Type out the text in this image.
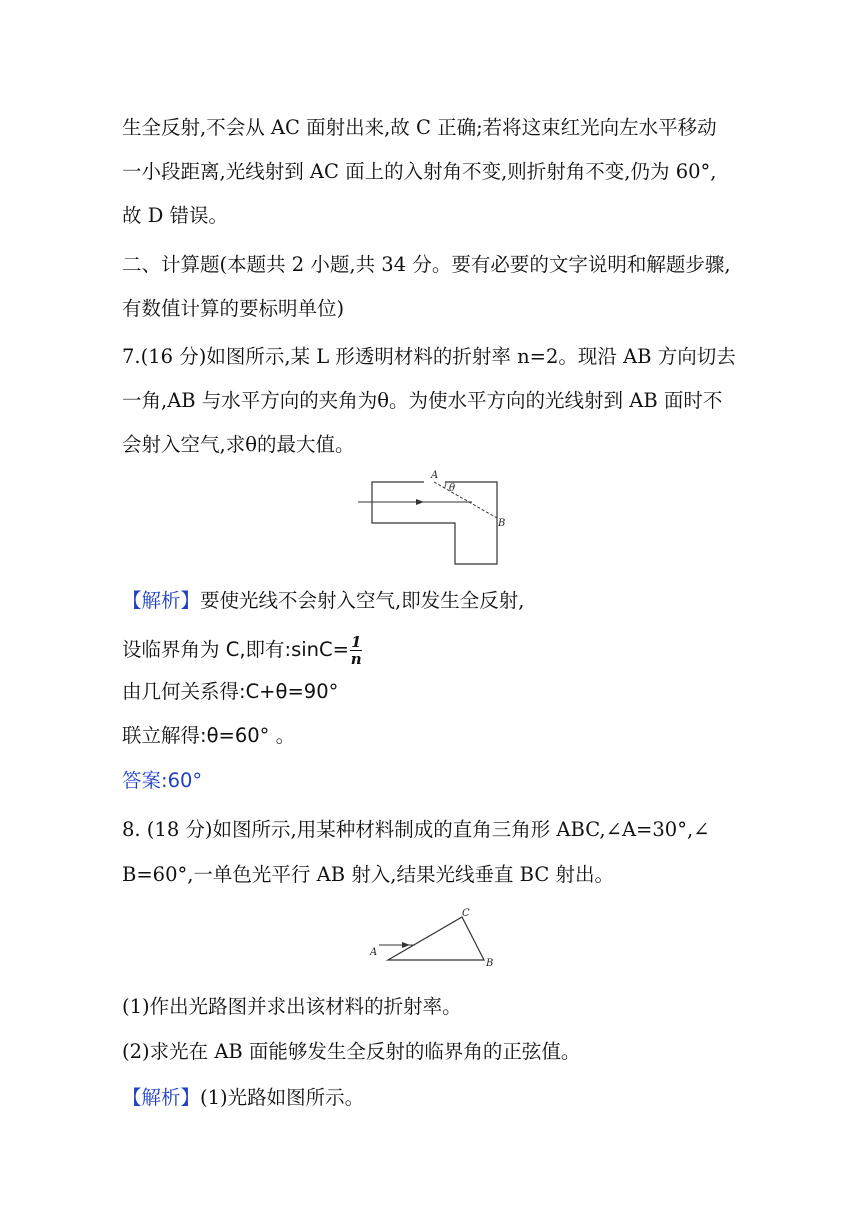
生全反射,不会从 AC 面射出来,故 C 正确;若将这束红光向左水平移动
一小段距离,光线射到 AC 面上的入射角不变,则折射角不变,仍为 60°,
故 D 错误。
二、计算题(本题共 2 小题,共 34 分。要有必要的文字说明和解题步骤,
有数值计算的要标明单位)
7.(16 分)如图所示,某 L 形透明材料的折射率 n=2。现沿 AB 方向切去
一角,AB 与水平方向的夹角为θ。为使水平方向的光线射到 AB 面时不
会射入空气,求θ的最大值。
A
θ
B
【解析】要使光线不会射入空气,即发生全反射,
设临界角为 C,即有:sinC= $\frac{1}{n}$
由几何关系得:C+θ=90°
联立解得:θ=60° 。
答案:60°
8. (18 分)如图所示,用某种材料制成的直角三角形 ABC,∠A=30°,∠
B=60°,一单色光平行 AB 射入,结果光线垂直 BC 射出。
A
C
B
(1)作出光路图并求出该材料的折射率。
(2)求光在 AB 面能够发生全反射的临界角的正弦值。
【解析】(1)光路如图所示。
